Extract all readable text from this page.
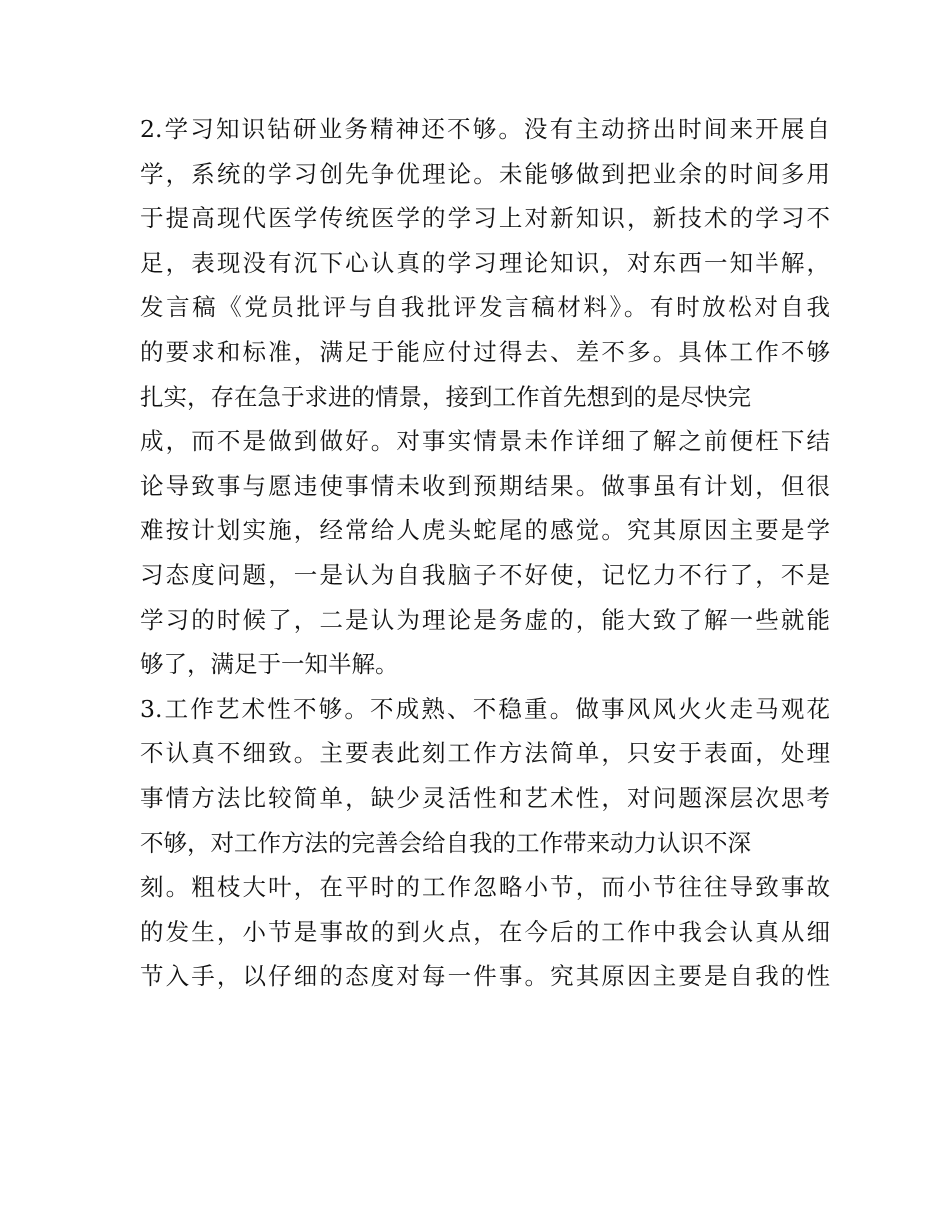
2.学习知识钻研业务精神还不够。没有主动挤出时间来开展自
学，系统的学习创先争优理论。未能够做到把业余的时间多用
于提高现代医学传统医学的学习上对新知识，新技术的学习不
足，表现没有沉下心认真的学习理论知识，对东西一知半解，
发言稿《党员批评与自我批评发言稿材料》。有时放松对自我
的要求和标准，满足于能应付过得去、差不多。具体工作不够
扎实，存在急于求进的情景，接到工作首先想到的是尽快完
成，而不是做到做好。对事实情景未作详细了解之前便枉下结
论导致事与愿违使事情未收到预期结果。做事虽有计划，但很
难按计划实施，经常给人虎头蛇尾的感觉。究其原因主要是学
习态度问题，一是认为自我脑子不好使，记忆力不行了，不是
学习的时候了，二是认为理论是务虚的，能大致了解一些就能
够了，满足于一知半解。
3.工作艺术性不够。不成熟、不稳重。做事风风火火走马观花
不认真不细致。主要表此刻工作方法简单，只安于表面，处理
事情方法比较简单，缺少灵活性和艺术性，对问题深层次思考
不够，对工作方法的完善会给自我的工作带来动力认识不深
刻。粗枝大叶，在平时的工作忽略小节，而小节往往导致事故
的发生，小节是事故的到火点，在今后的工作中我会认真从细
节入手，以仔细的态度对每一件事。究其原因主要是自我的性
